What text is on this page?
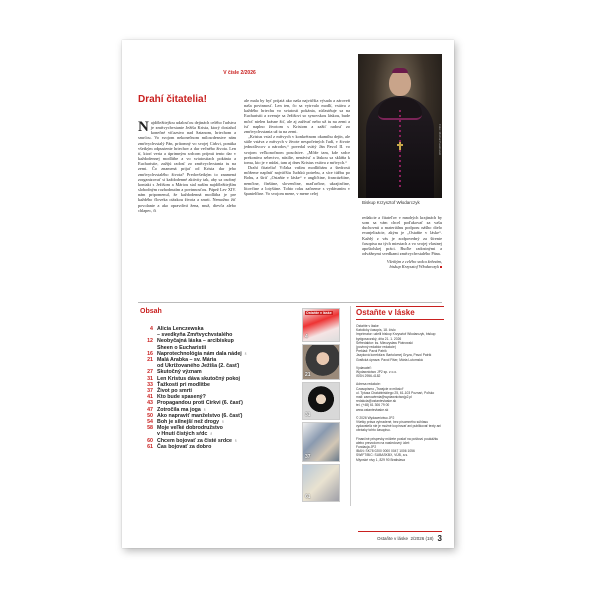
V čísle 2/2026
Drahí čitatelia!

Najdôležitejšou udalosťou dejinách celého ľudstva je zmŕtvychvstanie Ježiša Krista, ktorý dosiahol konečné víťazstvo nad Satanom, hriechom a smrťou. Vo svojom nekonečnom milosrdenstve nám zmŕtvychvstalý Pán, prítomný vo svojej Cirkvi, ponúka všetkým odpustenie hriechov a dar večného života. Len tí, ktorí veria a úprimným srdcom prijmú tento dar v každodennej modlitbe a vo sviatostiach pokánia a Eucharistie, zažijú radosť zo zmŕtvychvstania tu na zemi. Čo znamená prijať od Krista dar jeho zmŕtvychvstalého života? Predovšetkým to znamená zorganizovať si každodenné aktivity tak, aby sa osobný kontakt s Ježišom a Máriou stal naším najdôležitejším slobodným rozhodnutím a povinnosťou. Pápež Lev XIV. nám pripomenul, že každodenná modlitba je pre každého človeka otázkou života a smrti. Nemožno žiť povolanie a ako opravdivá žena, muž, dievča alebo chlapec, či

ale mala by byť prijatá ako naša najväčšia výsada a zároveň naša povinnosť. Len ten, čo sa vytrvalo modlí, vstáva z každého hriechu vo sviatosti pokánia, zúčastňuje sa na Eucharistii a zveruje sa Ježišovi so synovskou láskou, bude môcť nielen krásne žiť, ale aj zažívať nebo už tu na zemi a ísť naplno životom s Kristom a zažiť radosť zo zmŕtvychvstania už tu na zemi.

„Kristus vstal z mŕtvych v konkrétnom okamihu dejín, ale stále vstáva z mŕtvych v živote nespočetných ľudí, v živote jednotlivcov a národov,“ povedal svätý Ján Pavol II. vo svojom veľkonočnom posolstve. „Môže tam, kde srdce prekonáva sebectvo, násilie, nenávisť a láskou sa skláňa k tomu, kto je v núdzi, tam aj dnes Kristus vstáva z mŕtvych.“

Drahí čitatelia! Vďaka vašim modlitbám a štedrosti môžeme naplniť najväčšiu ľudskú potrebu, a síce túžbu po Bohu, a šíriť „Ostaňte v láske“ v angličtine, francúzštine, nemčine, čínštine, slovenčine, maďarčine, ukrajinčine, litovčine a lotyštine. Tohto roku začneme s vydávaním v španielčine. Vo svojom mene, v mene celej

Foto: Michał Pawłowski
Biskup Krzysztof Włodarczyk

redakcie a čitateľov v mnohých krajinách by som sa vám chcel poďakovať za vašu duchovnú a materiálnu podporu nášho dielo evanjelizácie, akým je „Ostaňte v láske“. Každý z vás je zodpovedný za šírenie časopisu na tých miestach a vo svojej vlastnej apoštolskej práci. Buďte radostnými a odvážnymi svedkami zmŕtvychvstalého Pána.

Všetkým z celého srdca žehnám,

biskup Krzysztof Włodarczyk

Obsah
4 Alicia Lenczewska
– svedkyňa Zmŕtvychvstalého
12 Neobyčajná láska – arcibiskup
Sheen o Eucharistii
16 Naprotechnológia nám dala nádej ♁
21 Malá Arabka – sv. Mária
od Ukrižovaného Ježiša (2. časť)
27 Skutočný význam
31 Len Kristus dáva skutočný pokoj
33 Ťažkosti pri modlitbe
37 Život po smrti
41 Kto bude spasený?
43 Propagandou proti Cirkvi (6. časť)
47 Zotročila ma joga ♁
50 Ako napraviť manželstvo (6. časť)
54 Boh je silnejší než drogy ♁
58 Moje veľké dobrodružstvo
v Hnutí čistých sŕdc ♁
60 Chcem bojovať za čisté srdce ♁
61 Čas bojovať za dobro
Ostaňte v láske
4
21
31
37
61
Ostaňte v láske

Ostaňte v láske
Katolícky časopis, 18. číslo
Imprimatur: udelil biskup Krzysztof Włodarczyk, biskup bydgoszczský, dňa 21. 1. 2026
Šéfredaktor: ks. Mieczysław Piotrowski
(povinný redaktor redakcie)
Preklad: Pavol Patrík
Jazyková korektúra: Bartolomej Gryza, Pavol Patrík
Grafická úprava: Pavol Fišer, Mária Lutomská

Vydavateľ:
Wydawnictwo JP2 sp. z o.o.
ISSN 2956-4182

Adresa redakcie:
Czasopismo „Trwajcie w miłości“
ul. Tytusa Chałubińskiego 25, 61-103 Poznań, Poľsko
mail: zamowienia@wydawnictwojp2.pl
redakcia@ostantevlaske.sk
tel. (+48) 61 306 79 00
www.ostantevlaske.sk

© 2026 Wydawnictwo JP2
Všetky práva vyhradené, bez písomného súhlasu vydavateľa nie je možné kopírovať ani publikovať texty ani obrázky tohto časopisu.

Finančné prispevky môžete poslať na poštovú poukážku alebo prevodom na nasledovný účet:
Fundacja JP2
IBAN: SK78 0200 0000 0047 1006 1056
SWIFT/BIC: SUBASKBX, VÚB, a.s.
Mlynské nivy 1, 829 90 Bratislava

Ostaňte v láske
2/2026 (18) 3
